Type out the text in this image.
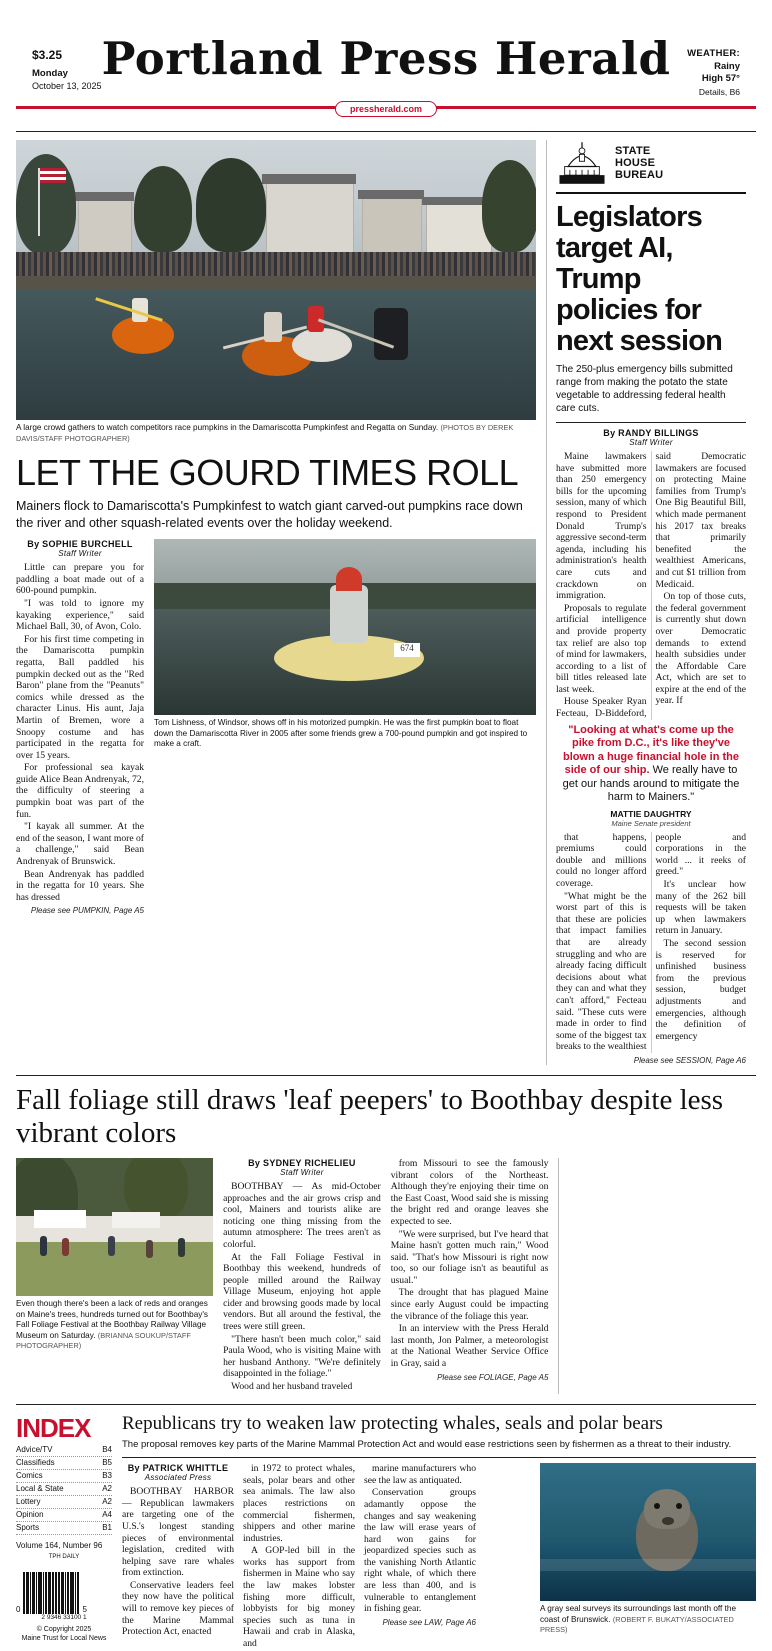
$3.25
Monday
October 13, 2025
Portland Press Herald	WEATHER:
Rainy
High 57°
Details, B6
pressherald.com
A large crowd gathers to watch competitors race pumpkins in the Damariscotta Pumpkinfest and Regatta on Sunday. (PHOTOS BY DEREK DAVIS/STAFF PHOTOGRAPHER)
LET THE GOURD TIMES ROLL
Mainers flock to Damariscotta's Pumpkinfest to watch giant carved-out pumpkins race down the river and other squash-related events over the holiday weekend.
By SOPHIE BURCHELL
Staff Writer

Little can prepare you for paddling a boat made out of a 600-pound pumpkin.

"I was told to ignore my kayaking experience," said Michael Ball, 30, of Avon, Colo.

For his first time competing in the Damariscotta pumpkin regatta, Ball paddled his pumpkin decked out as the "Red Baron" plane from the "Peanuts" comics while dressed as the character Linus. His aunt, Jaja Martin of Bremen, wore a Snoopy costume and has participated in the regatta for over 15 years.

For professional sea kayak guide Alice Bean Andrenyak, 72, the difficulty of steering a pumpkin boat was part of the fun.

"I kayak all summer. At the end of the season, I want more of a challenge," said Bean Andrenyak of Brunswick.

Bean Andrenyak has paddled in the regatta for 10 years. She has dressed

Please see PUMPKIN, Page A5
674
Tom Lishness, of Windsor, shows off in his motorized pumpkin. He was the first pumpkin boat to float down the Damariscotta River in 2005 after some friends grew a 700-pound pumpkin and got inspired to make a craft.
STATE
HOUSE
BUREAU
Legislators target AI, Trump policies for next session
The 250-plus emergency bills submitted range from making the potato the state vegetable to addressing federal health care cuts.
By RANDY BILLINGS
Staff Writer

Maine lawmakers have submitted more than 250 emergency bills for the upcoming session, many of which respond to President Donald Trump's aggressive second-term agenda, including his administration's health care cuts and crackdown on immigration.

Proposals to regulate artificial intelligence and provide property tax relief are also top of mind for lawmakers, according to a list of bill titles released late last week.

House Speaker Ryan Fecteau, D-Biddeford, said Democratic lawmakers are focused on protecting Maine families from Trump's One Big Beautiful Bill, which made permanent his 2017 tax breaks that primarily benefited the wealthiest Americans, and cut $1 trillion from Medicaid.

On top of those cuts, the federal government is currently shut down over Democratic demands to extend health subsidies under the Affordable Care Act, which are set to expire at the end of the year. If

"Looking at what's come up the pike from D.C., it's like they've blown a huge financial hole in the side of our ship. We really have to get our hands around to mitigate the harm to Mainers."
MATTIE DAUGHTRY
Maine Senate president

that happens, premiums could double and millions could no longer afford coverage.

"What might be the worst part of this is that these are policies that impact families that are already struggling and who are already facing difficult decisions about what they can and what they can't afford," Fecteau said. "These cuts were made in order to find some of the biggest tax breaks to the wealthiest people and corporations in the world ... it reeks of greed."

It's unclear how many of the 262 bill requests will be taken up when lawmakers return in January.

The second session is reserved for unfinished business from the previous session, budget adjustments and emergencies, although the definition of emergency

Please see SESSION, Page A6
Fall foliage still draws 'leaf peepers' to Boothbay despite less vibrant colors
Even though there's been a lack of reds and oranges on Maine's trees, hundreds turned out for Boothbay's Fall Foliage Festival at the Boothbay Railway Village Museum on Saturday. (BRIANNA SOUKUP/STAFF PHOTOGRAPHER)
By SYDNEY RICHELIEU
Staff Writer

BOOTHBAY — As mid-October approaches and the air grows crisp and cool, Mainers and tourists alike are noticing one thing missing from the autumn atmosphere: The trees aren't as colorful.

At the Fall Foliage Festival in Boothbay this weekend, hundreds of people milled around the Railway Village Museum, enjoying hot apple cider and browsing goods made by local vendors. But all around the festival, the trees were still green.

"There hasn't been much color," said Paula Wood, who is visiting Maine with her husband Anthony. "We're definitely disappointed in the foliage."

Wood and her husband traveled

from Missouri to see the famously vibrant colors of the Northeast. Although they're enjoying their time on the East Coast, Wood said she is missing the bright red and orange leaves she expected to see.

"We were surprised, but I've heard that Maine hasn't gotten much rain," Wood said. "That's how Missouri is right now too, so our foliage isn't as beautiful as usual."

The drought that has plagued Maine since early August could be impacting the vibrance of the foliage this year.

In an interview with the Press Herald last month, Jon Palmer, a meteorologist at the National Weather Service Office in Gray, said a

Please see FOLIAGE, Page A5
INDEX
Advice/TV	B4
Classifieds	B5
Comics	B3
Local & State	A2
Lottery	A2
Opinion	A4
Sports	B1
Volume 164, Number 96
TPH DAILY
0	5
2 9346 33100 1
© Copyright 2025
Maine Trust for Local News
Republicans try to weaken law protecting whales, seals and polar bears
The proposal removes key parts of the Marine Mammal Protection Act and would ease restrictions seen by fishermen as a threat to their industry.
By PATRICK WHITTLE
Associated Press

BOOTHBAY HARBOR — Republican lawmakers are targeting one of the U.S.'s longest standing pieces of environmental legislation, credited with helping save rare whales from extinction.

Conservative leaders feel they now have the political will to remove key pieces of the Marine Mammal Protection Act, enacted

in 1972 to protect whales, seals, polar bears and other sea animals. The law also places restrictions on commercial fishermen, shippers and other marine industries.

A GOP-led bill in the works has support from fishermen in Maine who say the law makes lobster fishing more difficult, lobbyists for big money species such as tuna in Hawaii and crab in Alaska, and

marine manufacturers who see the law as antiquated.

Conservation groups adamantly oppose the changes and say weakening the law will erase years of hard won gains for jeopardized species such as the vanishing North Atlantic right whale, of which there are less than 400, and is vulnerable to entanglement in fishing gear.

Please see LAW, Page A6
A gray seal surveys its surroundings last month off the coast of Brunswick. (ROBERT F. BUKATY/ASSOCIATED PRESS)
